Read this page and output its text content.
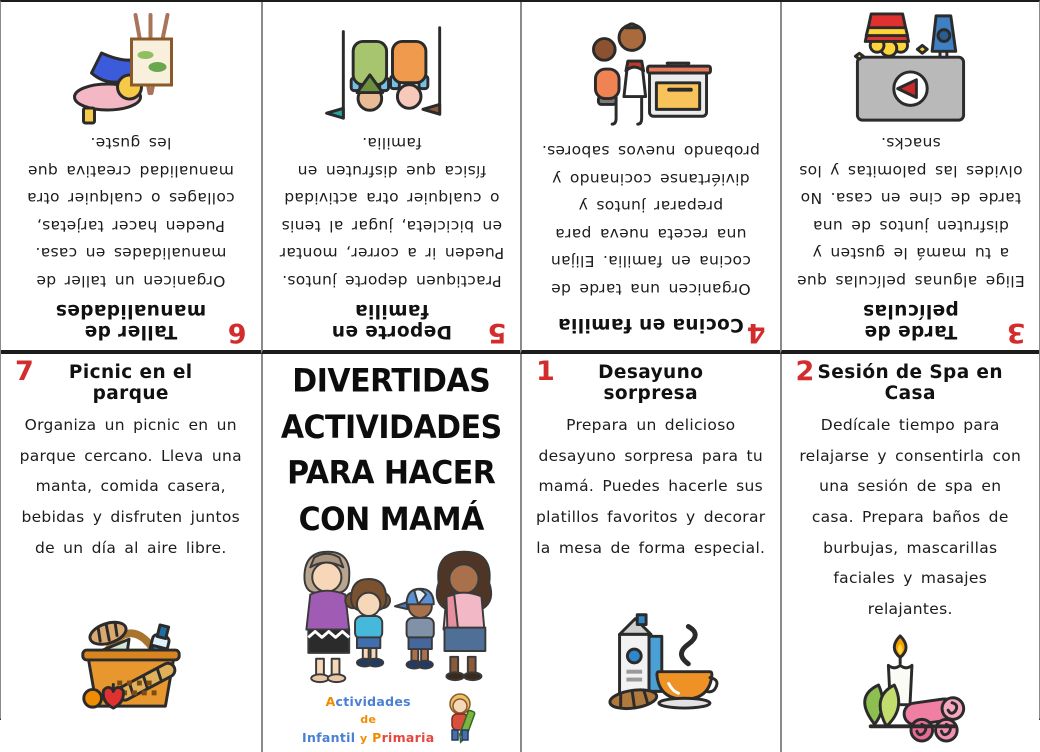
6
Taller de manualidades
Organicen un taller de manualidades en casa. Pueden hacer tarjetas, collages o cualquier otra manualidad creativa que les guste.
5
Deporte en familia
Practiquen deporte juntos. Pueden ir a correr, montar en bicicleta, jugar al tenis o cualquier otra actividad física que disfruten en familia.
4
Cocina en familia
Organicen una tarde de cocina en familia. Elijan una receta nueva para preparar juntos y diviértanse cocinando y probando nuevos sabores.
3
Tarde de películas
Elige algunas películas que a tu mamá le gusten y disfruten juntos de una tarde de cine en casa. No olvides las palomitas y los snacks.
7	Picnic en el parque
Organiza un picnic en un parque cercano. Lleva una manta, comida casera, bebidas y disfruten juntos de un día al aire libre.
DIVERTIDAS
ACTIVIDADES
PARA HACER
CON MAMÁ
Actividades
de
Infantil y Primaria
1	Desayuno sorpresa
Prepara un delicioso desayuno sorpresa para tu mamá. Puedes hacerle sus platillos favoritos y decorar la mesa de forma especial.
2 Sesión de Spa en Casa
Dedícale tiempo para relajarse y consentirla con una sesión de spa en casa. Prepara baños de burbujas, mascarillas faciales y masajes relajantes.
